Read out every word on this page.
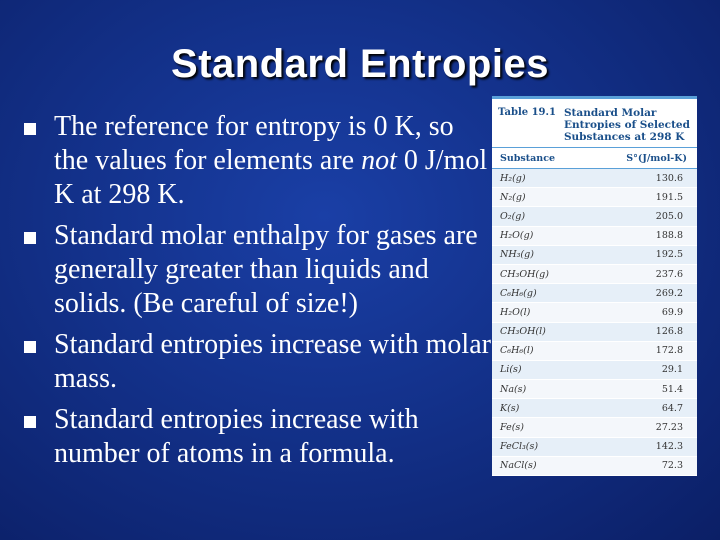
Standard Entropies
The reference for entropy is 0 K, so the values for elements are not 0 J/mol K at 298 K.
Standard molar enthalpy for gases are generally greater than liquids and solids. (Be careful of size!)
Standard entropies increase with molar mass.
Standard entropies increase with number of atoms in a formula.
Table 19.1 Standard Molar Entropies of Selected Substances at 298 K
Substance	S°(J/mol-K)
H₂(g)	130.6
N₂(g)	191.5
O₂(g)	205.0
H₂O(g)	188.8
NH₃(g)	192.5
CH₃OH(g)	237.6
C₆H₆(g)	269.2
H₂O(l)	69.9
CH₃OH(l)	126.8
C₆H₆(l)	172.8
Li(s)	29.1
Na(s)	51.4
K(s)	64.7
Fe(s)	27.23
FeCl₃(s)	142.3
NaCl(s)	72.3
